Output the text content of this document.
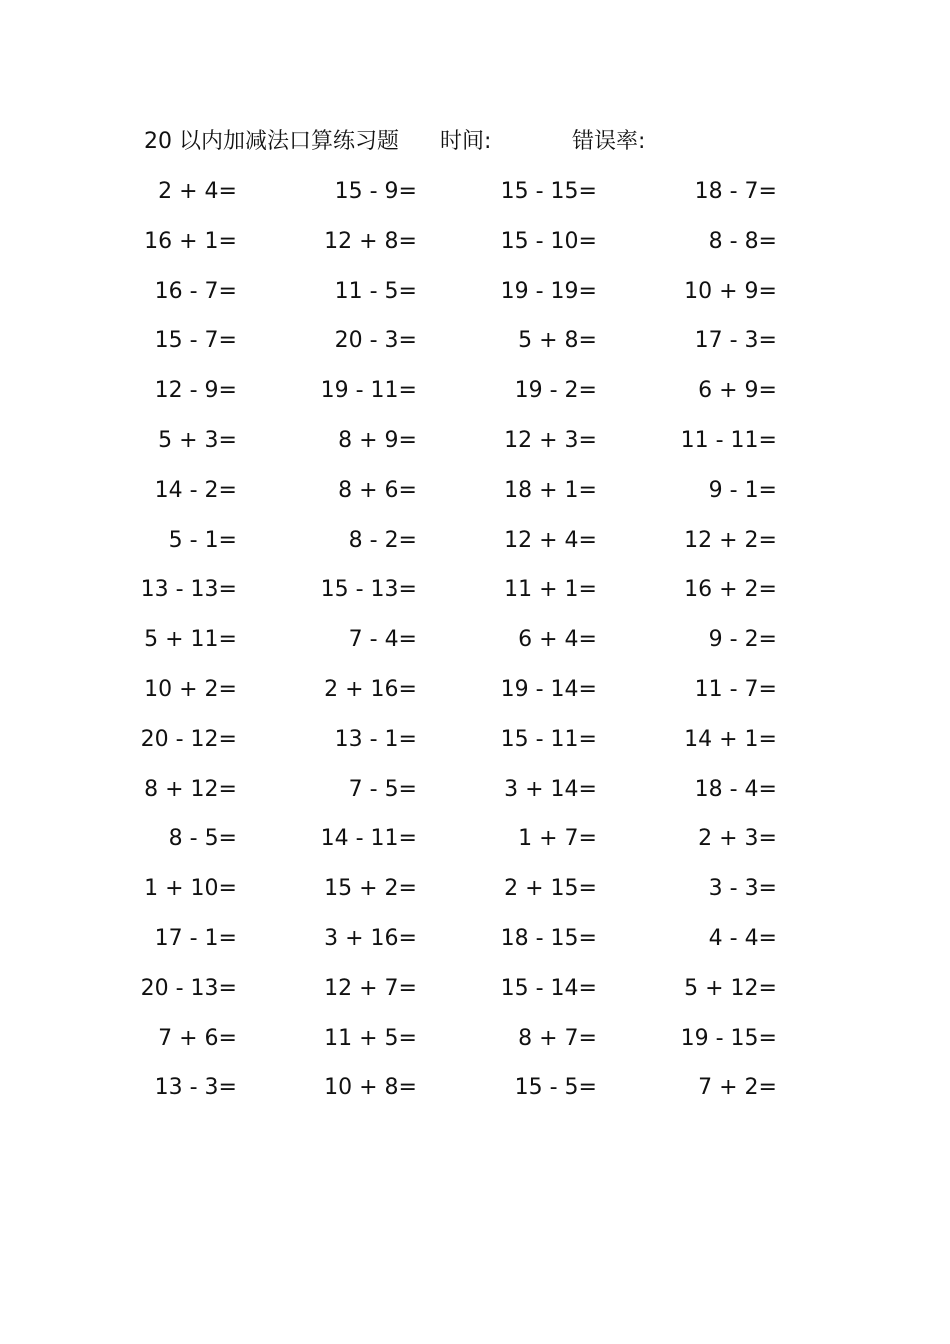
20 以内加减法口算练习题 时间:	错误率:
2 + 4=	15 - 9=	15 - 15=	18 - 7=
16 + 1=	12 + 8=	15 - 10=	8 - 8=
16 - 7=	11 - 5=	19 - 19=	10 + 9=
15 - 7=	20 - 3=	5 + 8=	17 - 3=
12 - 9=	19 - 11=	19 - 2=	6 + 9=
5 + 3=	8 + 9=	12 + 3=	11 - 11=
14 - 2=	8 + 6=	18 + 1=	9 - 1=
5 - 1=	8 - 2=	12 + 4=	12 + 2=
13 - 13=	15 - 13=	11 + 1=	16 + 2=
5 + 11=	7 - 4=	6 + 4=	9 - 2=
10 + 2=	2 + 16=	19 - 14=	11 - 7=
20 - 12=	13 - 1=	15 - 11=	14 + 1=
8 + 12=	7 - 5=	3 + 14=	18 - 4=
8 - 5=	14 - 11=	1 + 7=	2 + 3=
1 + 10=	15 + 2=	2 + 15=	3 - 3=
17 - 1=	3 + 16=	18 - 15=	4 - 4=
20 - 13=	12 + 7=	15 - 14=	5 + 12=
7 + 6=	11 + 5=	8 + 7=	19 - 15=
13 - 3=	10 + 8=	15 - 5=	7 + 2=
